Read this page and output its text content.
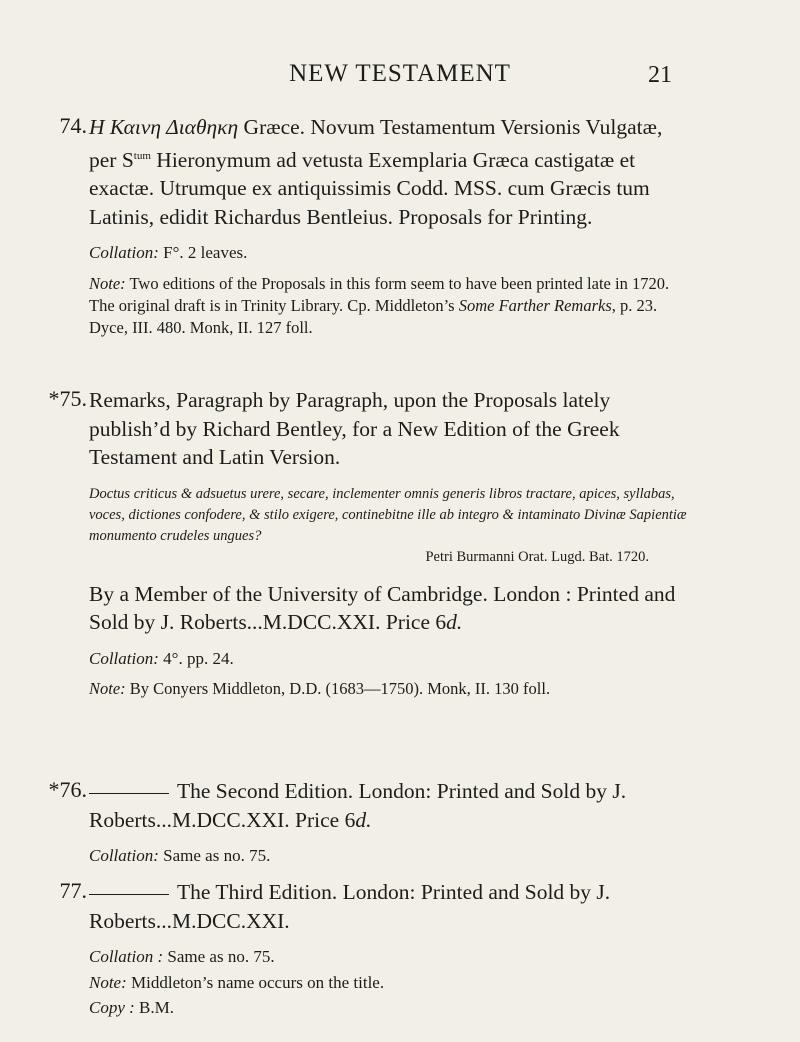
NEW TESTAMENT	21
74. H Καινη Διαθηκη Græce. Novum Testamentum Versionis Vulgatæ, per $S^{tum}$ Hieronymum ad vetusta Exemplaria Græca castigatæ et exactæ. Utrumque ex antiquissimis Codd. MSS. cum Græcis tum Latinis, edidit Richardus Bentleius. Proposals for Printing.
Collation: F°. 2 leaves.
Note: Two editions of the Proposals in this form seem to have been printed late in 1720. The original draft is in Trinity Library. Cp. Middleton’s Some Farther Remarks, p. 23. Dyce, III. 480. Monk, II. 127 foll.
*75. Remarks, Paragraph by Paragraph, upon the Proposals lately publish’d by Richard Bentley, for a New Edition of the Greek Testament and Latin Version.
Doctus criticus & adsuetus urere, secare, inclementer omnis generis libros tractare, apices, syllabas, voces, dictiones confodere, & stilo exigere, continebitne ille ab integro & intaminato Divinæ Sapientiæ monumento crudeles ungues?
Petri Burmanni Orat. Lugd. Bat. 1720.
By a Member of the University of Cambridge. London : Printed and Sold by J. Roberts...M.DCC.XXI. Price 6d.
Collation: 4°. pp. 24.
Note: By Conyers Middleton, D.D. (1683—1750). Monk, II. 130 foll.
*76.	The Second Edition. London: Printed and Sold by J. Roberts...M.DCC.XXI. Price 6d.
Collation: Same as no. 75.
77.	The Third Edition. London: Printed and Sold by J. Roberts...M.DCC.XXI.
Collation : Same as no. 75.
Note: Middleton’s name occurs on the title.
Copy : B.M.
